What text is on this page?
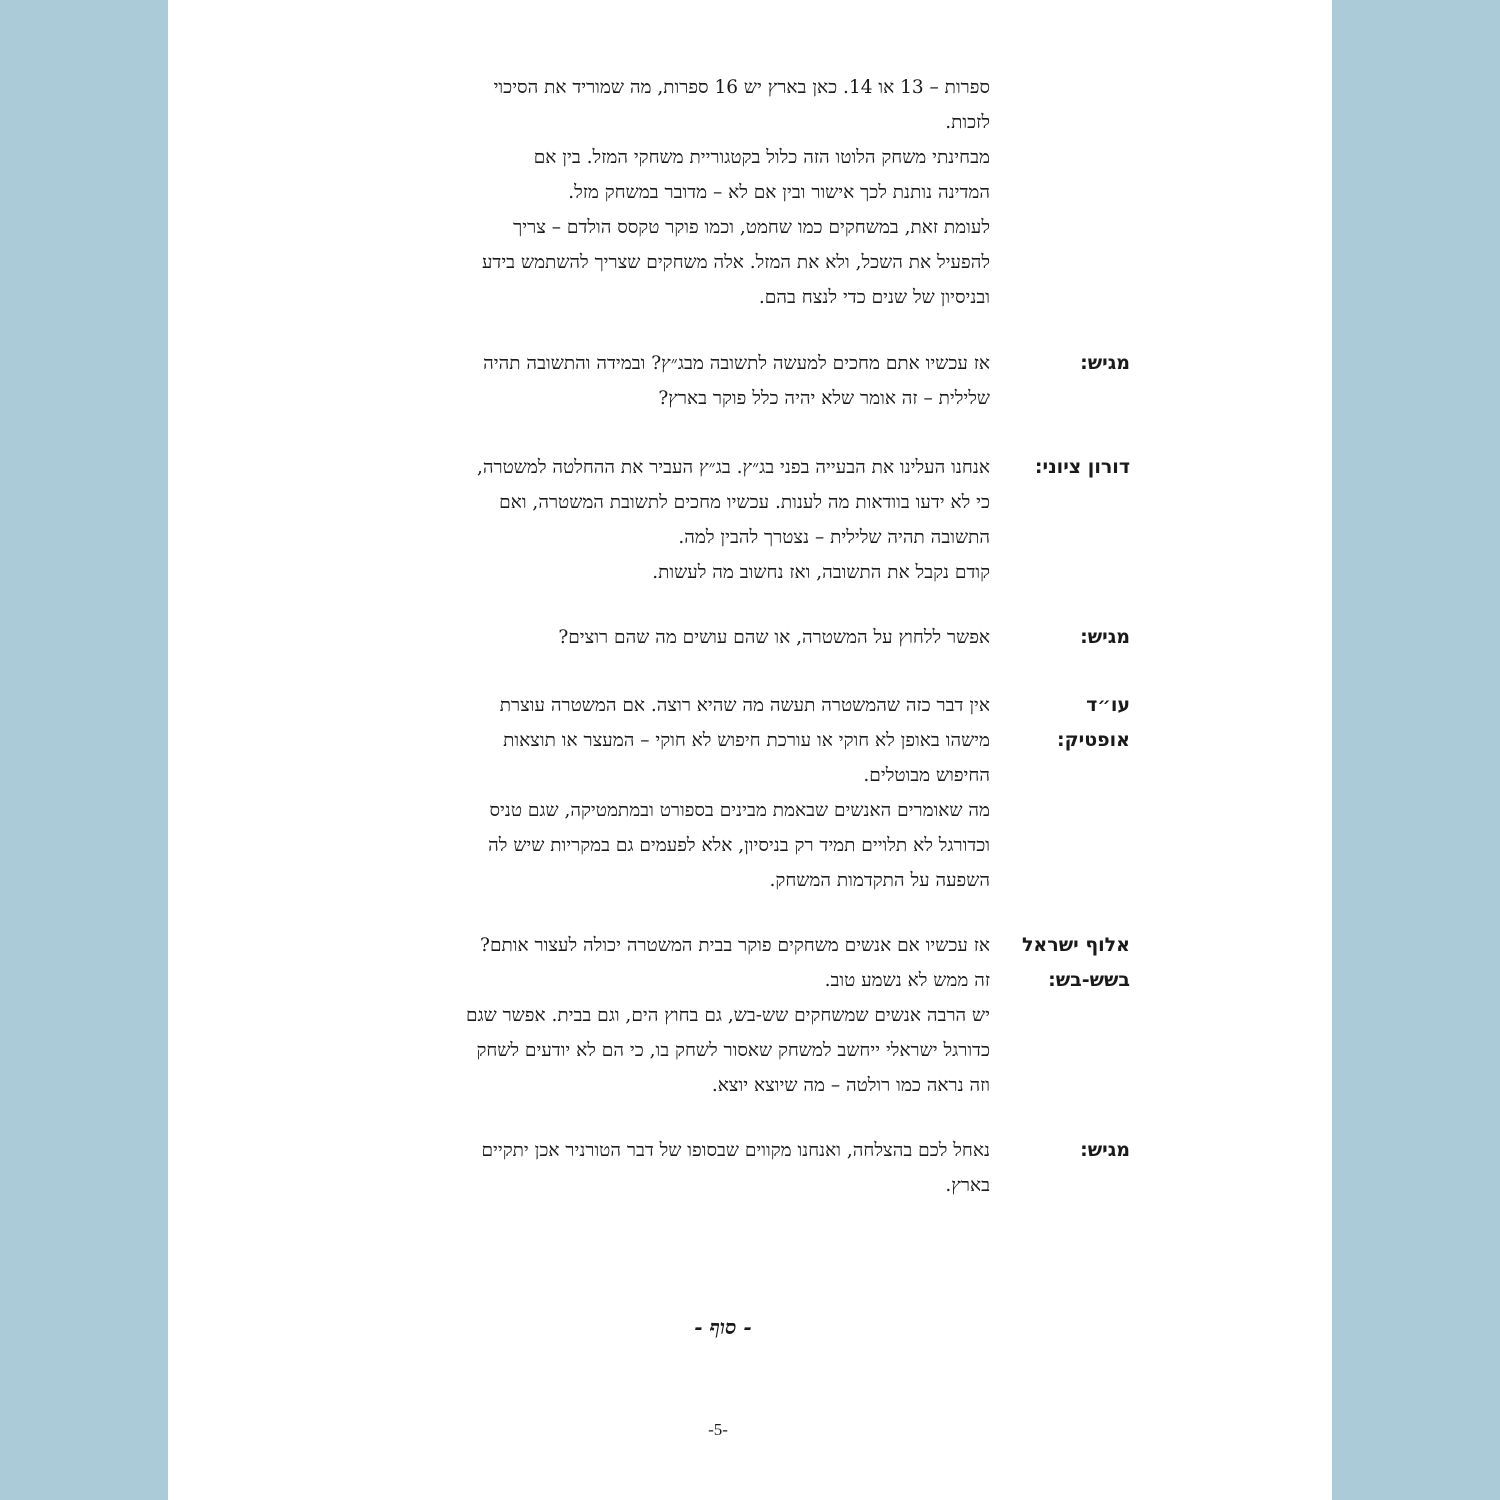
ספרות – 13 או 14. כאן בארץ יש 16 ספרות, מה שמוריד את הסיכוי
לזכות.
מבחינתי משחק הלוטו הזה כלול בקטגוריית משחקי המזל. בין אם
המדינה נותנת לכך אישור ובין אם לא – מדובר במשחק מזל.
לעומת זאת, במשחקים כמו שחמט, וכמו פוקר טקסס הולדם – צריך
להפעיל את השכל, ולא את המזל. אלה משחקים שצריך להשתמש בידע
ובניסיון של שנים כדי לנצח בהם.
מגיש:
אז עכשיו אתם מחכים למעשה לתשובה מבג״ץ? ובמידה והתשובה תהיה
שלילית – זה אומר שלא יהיה כלל פוקר בארץ?
דורון ציוני:
אנחנו העלינו את הבעייה בפני בג״ץ. בג״ץ העביר את ההחלטה למשטרה,
כי לא ידעו בוודאות מה לענות. עכשיו מחכים לתשובת המשטרה, ואם
התשובה תהיה שלילית – נצטרך להבין למה.
קודם נקבל את התשובה, ואז נחשוב מה לעשות.
מגיש:
אפשר ללחוץ על המשטרה, או שהם עושים מה שהם רוצים?
עו״ד אופטיק:
אין דבר כזה שהמשטרה תעשה מה שהיא רוצה. אם המשטרה עוצרת
מישהו באופן לא חוקי או עורכת חיפוש לא חוקי – המעצר או תוצאות
החיפוש מבוטלים.
מה שאומרים האנשים שבאמת מבינים בספורט ובמתמטיקה, שגם טניס
וכדורגל לא תלויים תמיד רק בניסיון, אלא לפעמים גם במקריות שיש לה
השפעה על התקדמות המשחק.
אלוף ישראל בשש-בש:
אז עכשיו אם אנשים משחקים פוקר בבית המשטרה יכולה לעצור אותם?
זה ממש לא נשמע טוב.
יש הרבה אנשים שמשחקים שש-בש, גם בחוץ הים, וגם בבית. אפשר שגם
כדורגל ישראלי ייחשב למשחק שאסור לשחק בו, כי הם לא יודעים לשחק
וזה נראה כמו רולטה – מה שיוצא יוצא.
מגיש:
נאחל לכם בהצלחה, ואנחנו מקווים שבסופו של דבר הטורניר אכן יתקיים
בארץ.
- סוף -
-5-
